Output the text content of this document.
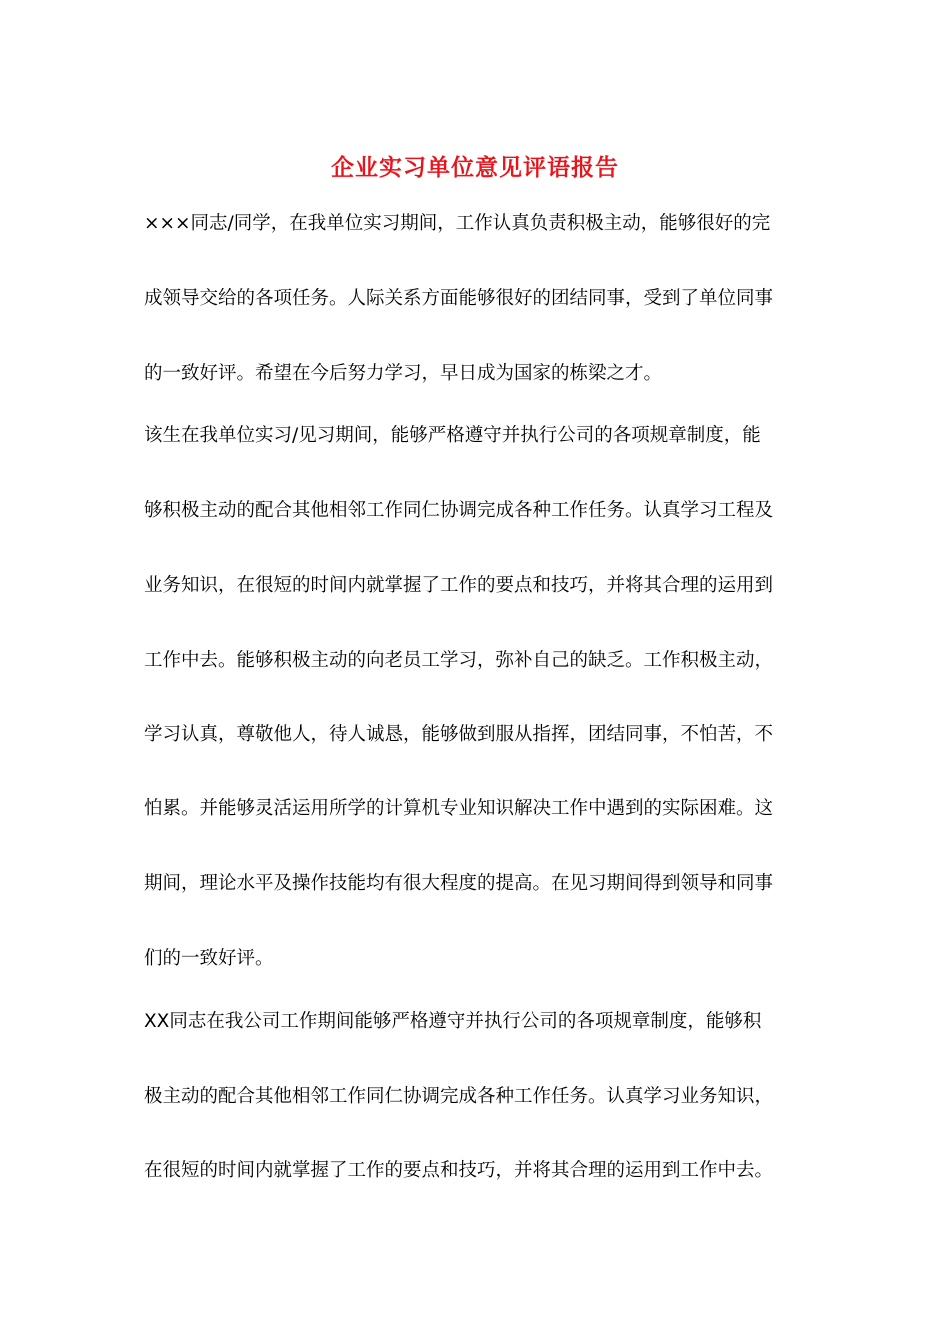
企业实习单位意见评语报告

×××同志/同学，在我单位实习期间，工作认真负责积极主动，能够很好的完

成领导交给的各项任务。人际关系方面能够很好的团结同事，受到了单位同事

的一致好评。希望在今后努力学习，早日成为国家的栋梁之才。

该生在我单位实习/见习期间，能够严格遵守并执行公司的各项规章制度，能

够积极主动的配合其他相邻工作同仁协调完成各种工作任务。认真学习工程及

业务知识，在很短的时间内就掌握了工作的要点和技巧，并将其合理的运用到

工作中去。能够积极主动的向老员工学习，弥补自己的缺乏。工作积极主动，

学习认真，尊敬他人，待人诚恳，能够做到服从指挥，团结同事，不怕苦，不

怕累。并能够灵活运用所学的计算机专业知识解决工作中遇到的实际困难。这

期间，理论水平及操作技能均有很大程度的提高。在见习期间得到领导和同事

们的一致好评。

XX同志在我公司工作期间能够严格遵守并执行公司的各项规章制度，能够积

极主动的配合其他相邻工作同仁协调完成各种工作任务。认真学习业务知识，

在很短的时间内就掌握了工作的要点和技巧，并将其合理的运用到工作中去。
